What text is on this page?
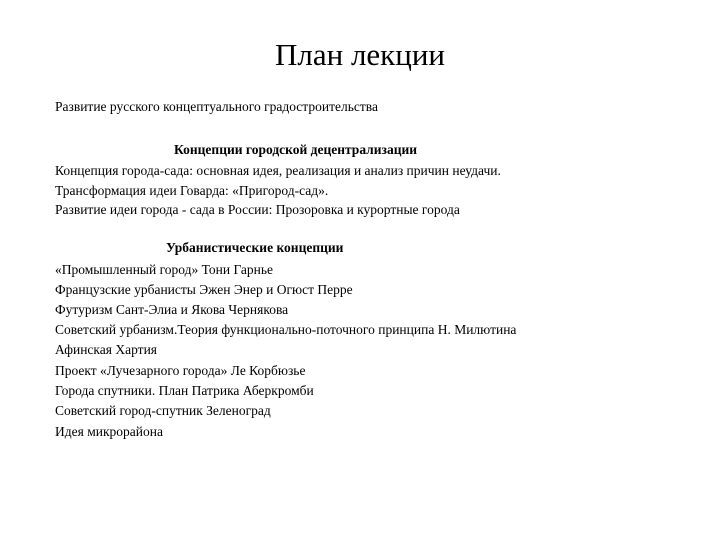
План лекции
Развитие русского концептуального градостроительства
Концепции городской децентрализации
Концепция города-сада: основная идея, реализация и анализ причин неудачи.
Трансформация идеи Говарда: «Пригород-сад».
Развитие идеи города - сада в России: Прозоровка и курортные города
Урбанистические концепции
«Промышленный город» Тони Гарнье
Французские урбанисты Эжен Энер и Огюст Перре
Футуризм Сант-Элиа и Якова Чернякова
Советский урбанизм.Теория функционально-поточного принципа Н. Милютина
Афинская Хартия
Проект «Лучезарного города» Ле Корбюзье
Города спутники. План Патрика Аберкромби
Советский город-спутник Зеленоград
Идея микрорайона
